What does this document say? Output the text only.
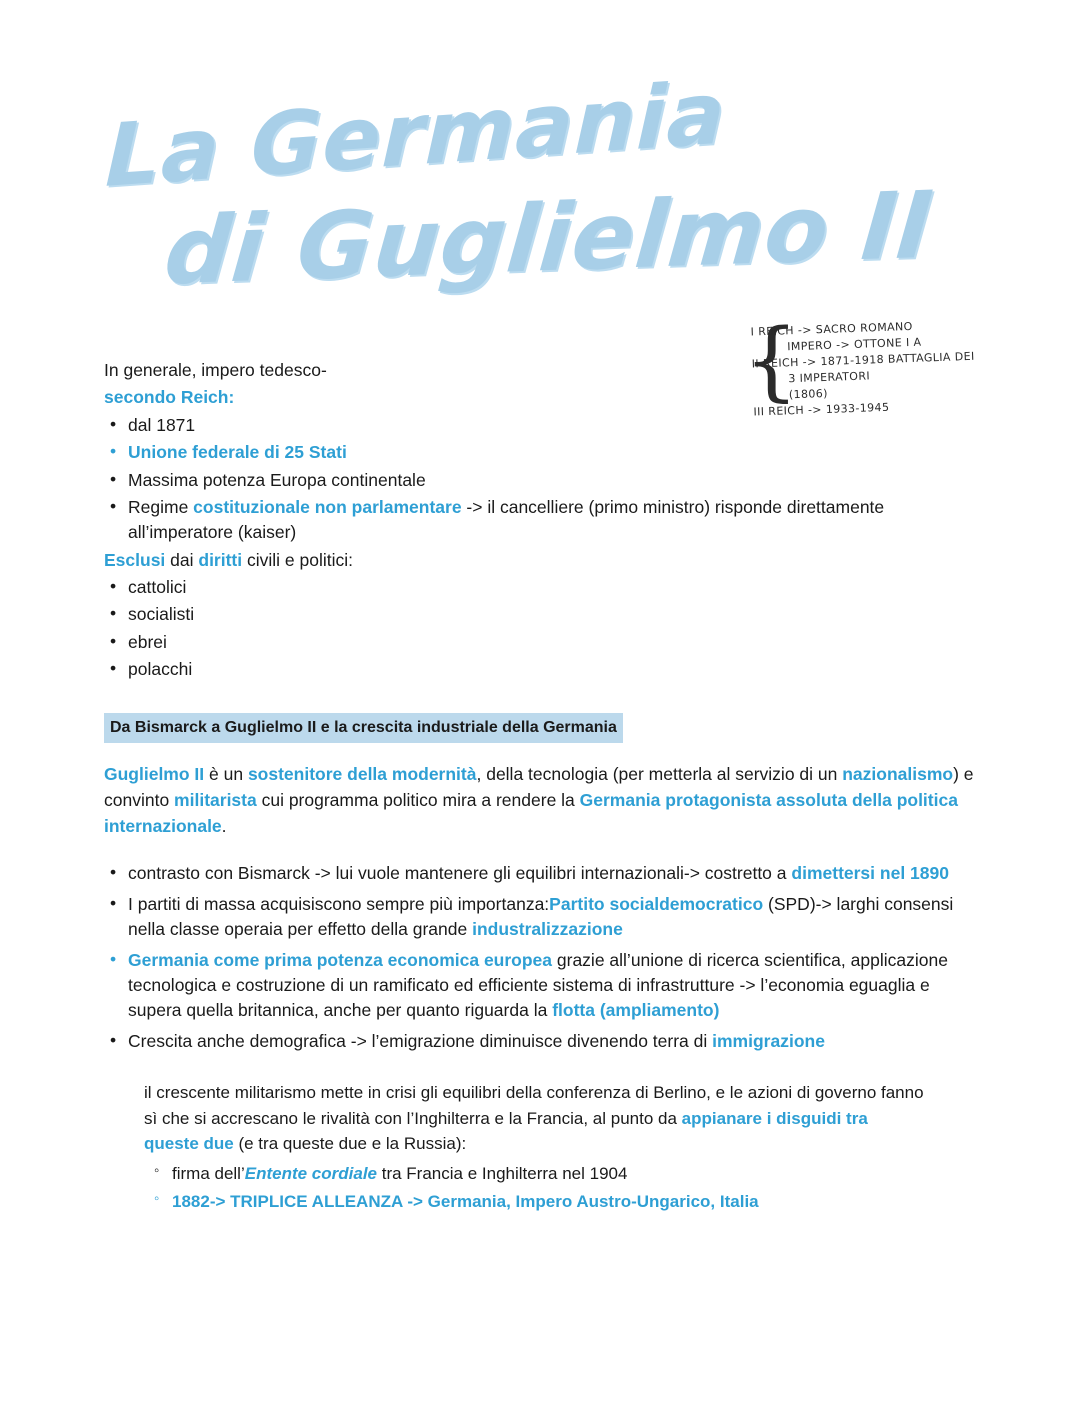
La Germania
di Guglielmo II
{
I REICH -> SACRO ROMANO
IMPERO -> OTTONE I A
II REICH -> 1871-1918 BATTAGLIA DEI
3 IMPERATORI
(1806)
III REICH -> 1933-1945

In generale, impero tedesco-

secondo Reich:

• dal 1871
• Unione federale di 25 Stati
• Massima potenza Europa continentale
• Regime costituzionale non parlamentare -> il cancelliere (primo ministro) risponde direttamente all’imperatore (kaiser)

Esclusi dai diritti civili e politici:

• cattolici
• socialisti
• ebrei
• polacchi
Da Bismarck a Guglielmo II e la crescita industriale della Germania

Guglielmo II è un sostenitore della modernità, della tecnologia (per metterla al servizio di un nazionalismo) e convinto militarista cui programma politico mira a rendere la Germania protagonista assoluta della politica internazionale.

• contrasto con Bismarck -> lui vuole mantenere gli equilibri internazionali-> costretto a dimettersi nel 1890
• I partiti di massa acquisiscono sempre più importanza:Partito socialdemocratico (SPD)-> larghi consensi nella classe operaia per effetto della grande industralizzazione
• Germania come prima potenza economica europea grazie all’unione di ricerca scientifica, applicazione tecnologica e costruzione di un ramificato ed efficiente sistema di infrastrutture -> l’economia eguaglia e supera quella britannica, anche per quanto riguarda la flotta (ampliamento)
• Crescita anche demografica -> l’emigrazione diminuisce divenendo terra di immigrazione

il crescente militarismo mette in crisi gli equilibri della conferenza di Berlino, e le azioni di governo fanno sì che si accrescano le rivalità con l’Inghilterra e la Francia, al punto da appianare i disguidi tra queste due (e tra queste due e la Russia):

◦ firma dell’Entente cordiale tra Francia e Inghilterra nel 1904
◦ 1882-> TRIPLICE ALLEANZA -> Germania, Impero Austro-Ungarico, Italia
